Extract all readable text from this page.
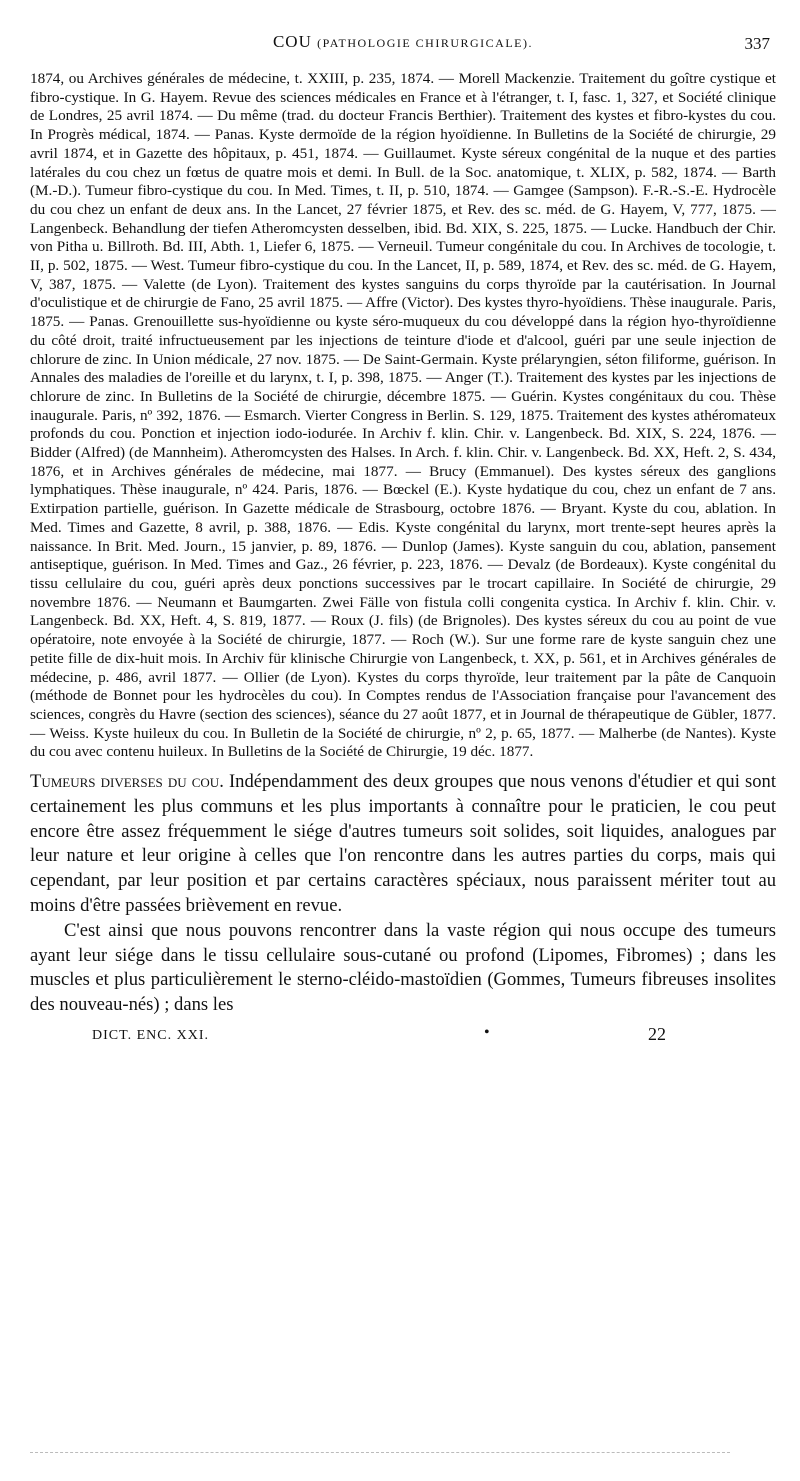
COU (PATHOLOGIE CHIRURGICALE).	337

1874, ou Archives générales de médecine, t. XXIII, p. 235, 1874. — Morell Mackenzie. Traitement du goître cystique et fibro-cystique. In G. Hayem. Revue des sciences médicales en France et à l'étranger, t. I, fasc. 1, 327, et Société clinique de Londres, 25 avril 1874. — Du même (trad. du docteur Francis Berthier). Traitement des kystes et fibro-kystes du cou. In Progrès médical, 1874. — Panas. Kyste dermoïde de la région hyoïdienne. In Bulletins de la Société de chirurgie, 29 avril 1874, et in Gazette des hôpitaux, p. 451, 1874. — Guillaumet. Kyste séreux congénital de la nuque et des parties latérales du cou chez un fœtus de quatre mois et demi. In Bull. de la Soc. anatomique, t. XLIX, p. 582, 1874. — Barth (M.-D.). Tumeur fibro-cystique du cou. In Med. Times, t. II, p. 510, 1874. — Gamgee (Sampson). F.-R.-S.-E. Hydrocèle du cou chez un enfant de deux ans. In the Lancet, 27 février 1875, et Rev. des sc. méd. de G. Hayem, V, 777, 1875. — Langenbeck. Behandlung der tiefen Atheromcysten desselben, ibid. Bd. XIX, S. 225, 1875. — Lucke. Handbuch der Chir. von Pitha u. Billroth. Bd. III, Abth. 1, Liefer 6, 1875. — Verneuil. Tumeur congénitale du cou. In Archives de tocologie, t. II, p. 502, 1875. — West. Tumeur fibro-cystique du cou. In the Lancet, II, p. 589, 1874, et Rev. des sc. méd. de G. Hayem, V, 387, 1875. — Valette (de Lyon). Traitement des kystes sanguins du corps thyroïde par la cautérisation. In Journal d'oculistique et de chirurgie de Fano, 25 avril 1875. — Affre (Victor). Des kystes thyro-hyoïdiens. Thèse inaugurale. Paris, 1875. — Panas. Grenouillette sus-hyoïdienne ou kyste séro-muqueux du cou développé dans la région hyo-thyroïdienne du côté droit, traité infructueusement par les injections de teinture d'iode et d'alcool, guéri par une seule injection de chlorure de zinc. In Union médicale, 27 nov. 1875. — De Saint-Germain. Kyste prélaryngien, séton filiforme, guérison. In Annales des maladies de l'oreille et du larynx, t. I, p. 398, 1875. — Anger (T.). Traitement des kystes par les injections de chlorure de zinc. In Bulletins de la Société de chirurgie, décembre 1875. — Guérin. Kystes congénitaux du cou. Thèse inaugurale. Paris, nº 392, 1876. — Esmarch. Vierter Congress in Berlin. S. 129, 1875. Traitement des kystes athéromateux profonds du cou. Ponction et injection iodo-iodurée. In Archiv f. klin. Chir. v. Langenbeck. Bd. XIX, S. 224, 1876. — Bidder (Alfred) (de Mannheim). Atheromcysten des Halses. In Arch. f. klin. Chir. v. Langenbeck. Bd. XX, Heft. 2, S. 434, 1876, et in Archives générales de médecine, mai 1877. — Brucy (Emmanuel). Des kystes séreux des ganglions lymphatiques. Thèse inaugurale, nº 424. Paris, 1876. — Bœckel (E.). Kyste hydatique du cou, chez un enfant de 7 ans. Extirpation partielle, guérison. In Gazette médicale de Strasbourg, octobre 1876. — Bryant. Kyste du cou, ablation. In Med. Times and Gazette, 8 avril, p. 388, 1876. — Edis. Kyste congénital du larynx, mort trente-sept heures après la naissance. In Brit. Med. Journ., 15 janvier, p. 89, 1876. — Dunlop (James). Kyste sanguin du cou, ablation, pansement antiseptique, guérison. In Med. Times and Gaz., 26 février, p. 223, 1876. — Devalz (de Bordeaux). Kyste congénital du tissu cellulaire du cou, guéri après deux ponctions successives par le trocart capillaire. In Société de chirurgie, 29 novembre 1876. — Neumann et Baumgarten. Zwei Fälle von fistula colli congenita cystica. In Archiv f. klin. Chir. v. Langenbeck. Bd. XX, Heft. 4, S. 819, 1877. — Roux (J. fils) (de Brignoles). Des kystes séreux du cou au point de vue opératoire, note envoyée à la Société de chirurgie, 1877. — Roch (W.). Sur une forme rare de kyste sanguin chez une petite fille de dix-huit mois. In Archiv für klinische Chirurgie von Langenbeck, t. XX, p. 561, et in Archives générales de médecine, p. 486, avril 1877. — Ollier (de Lyon). Kystes du corps thyroïde, leur traitement par la pâte de Canquoin (méthode de Bonnet pour les hydrocèles du cou). In Comptes rendus de l'Association française pour l'avancement des sciences, congrès du Havre (section des sciences), séance du 27 août 1877, et in Journal de thérapeutique de Gübler, 1877. — Weiss. Kyste huileux du cou. In Bulletin de la Société de chirurgie, nº 2, p. 65, 1877. — Malherbe (de Nantes). Kyste du cou avec contenu huileux. In Bulletins de la Société de Chirurgie, 19 déc. 1877.

Tumeurs diverses du cou. Indépendamment des deux groupes que nous venons d'étudier et qui sont certainement les plus communs et les plus importants à connaître pour le praticien, le cou peut encore être assez fréquemment le siége d'autres tumeurs soit solides, soit liquides, analogues par leur nature et leur origine à celles que l'on rencontre dans les autres parties du corps, mais qui cependant, par leur position et par certains caractères spéciaux, nous paraissent mériter tout au moins d'être passées brièvement en revue.

C'est ainsi que nous pouvons rencontrer dans la vaste région qui nous occupe des tumeurs ayant leur siége dans le tissu cellulaire sous-cutané ou profond (Lipomes, Fibromes) ; dans les muscles et plus particulièrement le sterno-cléido-mastoïdien (Gommes, Tumeurs fibreuses insolites des nouveau-nés) ; dans les

DICT. ENC. XXI.	•	22
